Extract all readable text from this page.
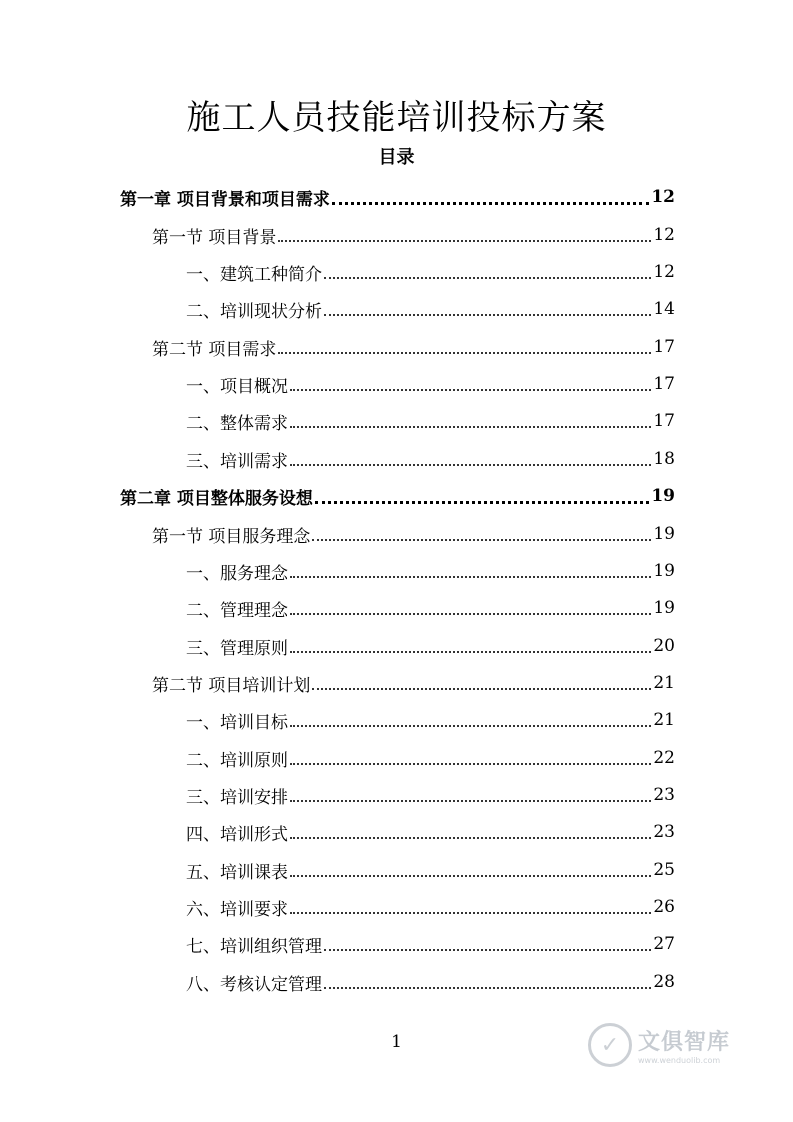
施工人员技能培训投标方案
目录
第一章 项目背景和项目需求	12
第一节 项目背景	12
一、建筑工种简介	12
二、培训现状分析	14
第二节 项目需求	17
一、项目概况	17
二、整体需求	17
三、培训需求	18
第二章 项目整体服务设想	19
第一节 项目服务理念	19
一、服务理念	19
二、管理理念	19
三、管理原则	20
第二节 项目培训计划	21
一、培训目标	21
二、培训原则	22
三、培训安排	23
四、培训形式	23
五、培训课表	25
六、培训要求	26
七、培训组织管理	27
八、考核认定管理	28
1	✓ 文俱智库
www.wenduolib.com
